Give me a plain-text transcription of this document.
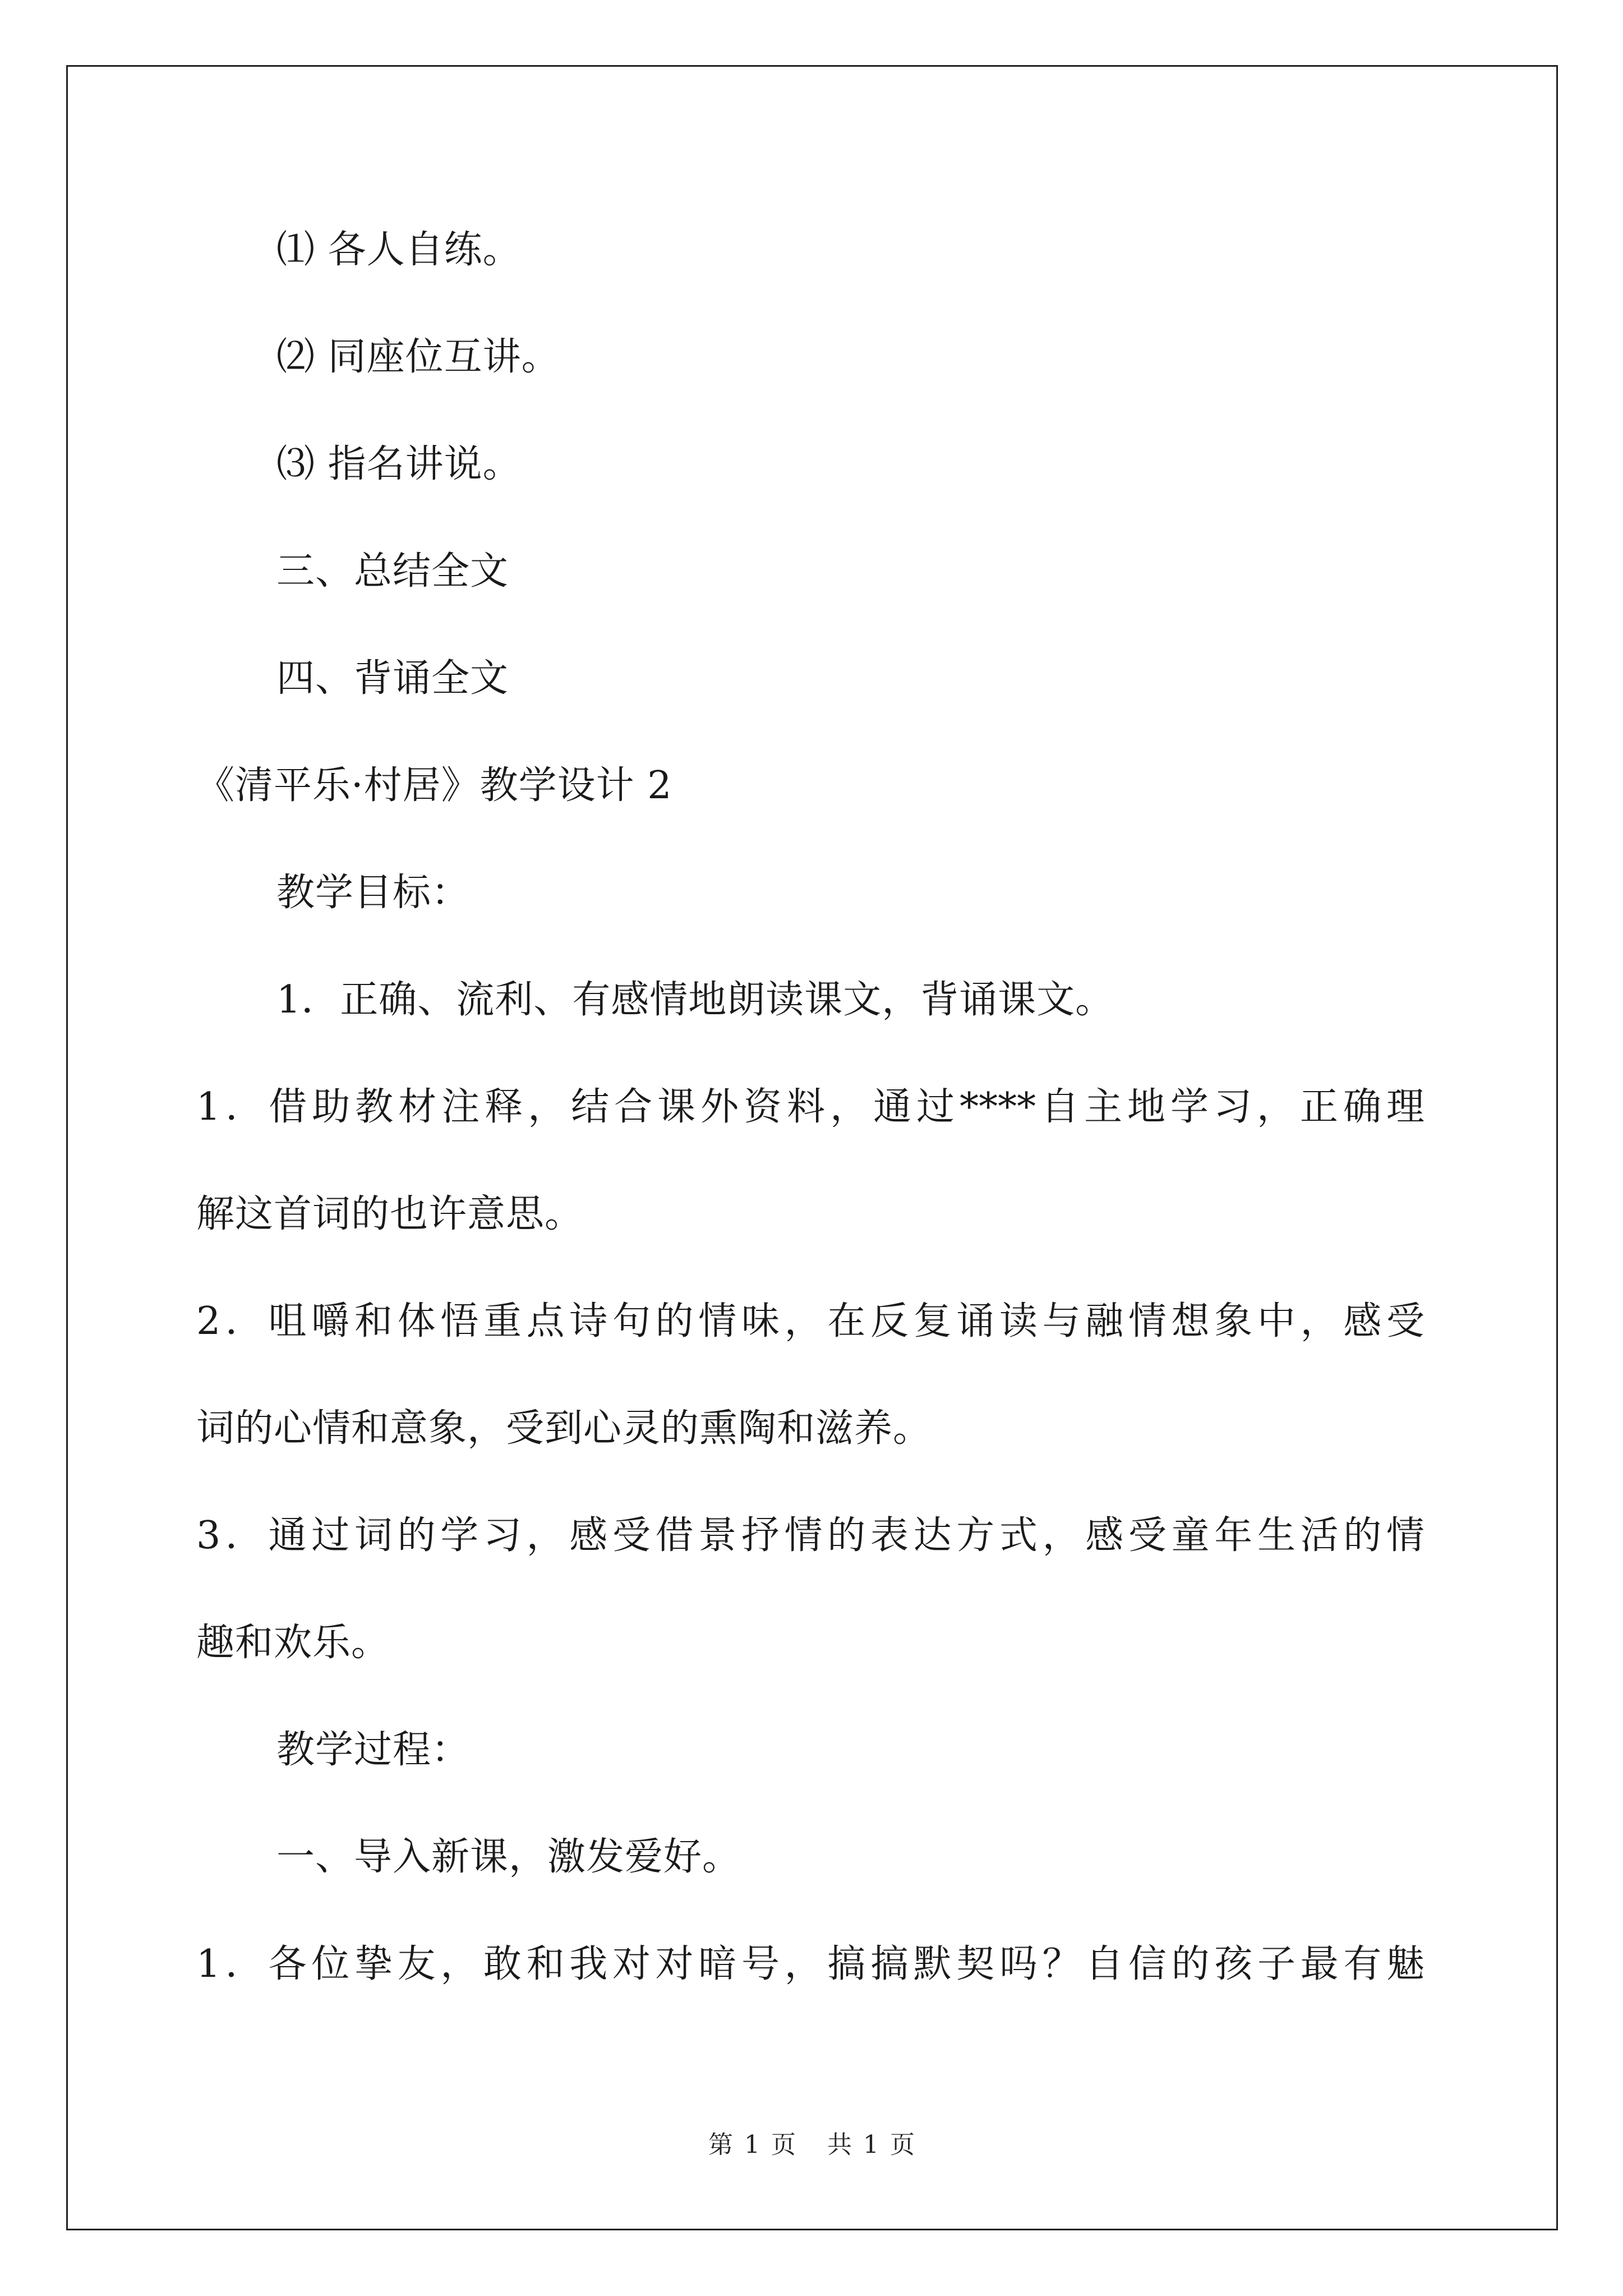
⑴ 各人自练。
⑵ 同座位互讲。
⑶ 指名讲说。
三、总结全文
四、背诵全文
《清平乐·村居》教学设计 2
教学目标：
1．正确、流利、有感情地朗读课文，背诵课文。
1．借助教材注释，结合课外资料，通过****自主地学习，正确理
解这首词的也许意思。
2．咀嚼和体悟重点诗句的情味，在反复诵读与融情想象中，感受
词的心情和意象，受到心灵的熏陶和滋养。
3．通过词的学习，感受借景抒情的表达方式，感受童年生活的情
趣和欢乐。
教学过程：
一、导入新课，激发爱好。
1．各位挚友，敢和我对对暗号，搞搞默契吗？自信的孩子最有魅
第 1 页 共 1 页
